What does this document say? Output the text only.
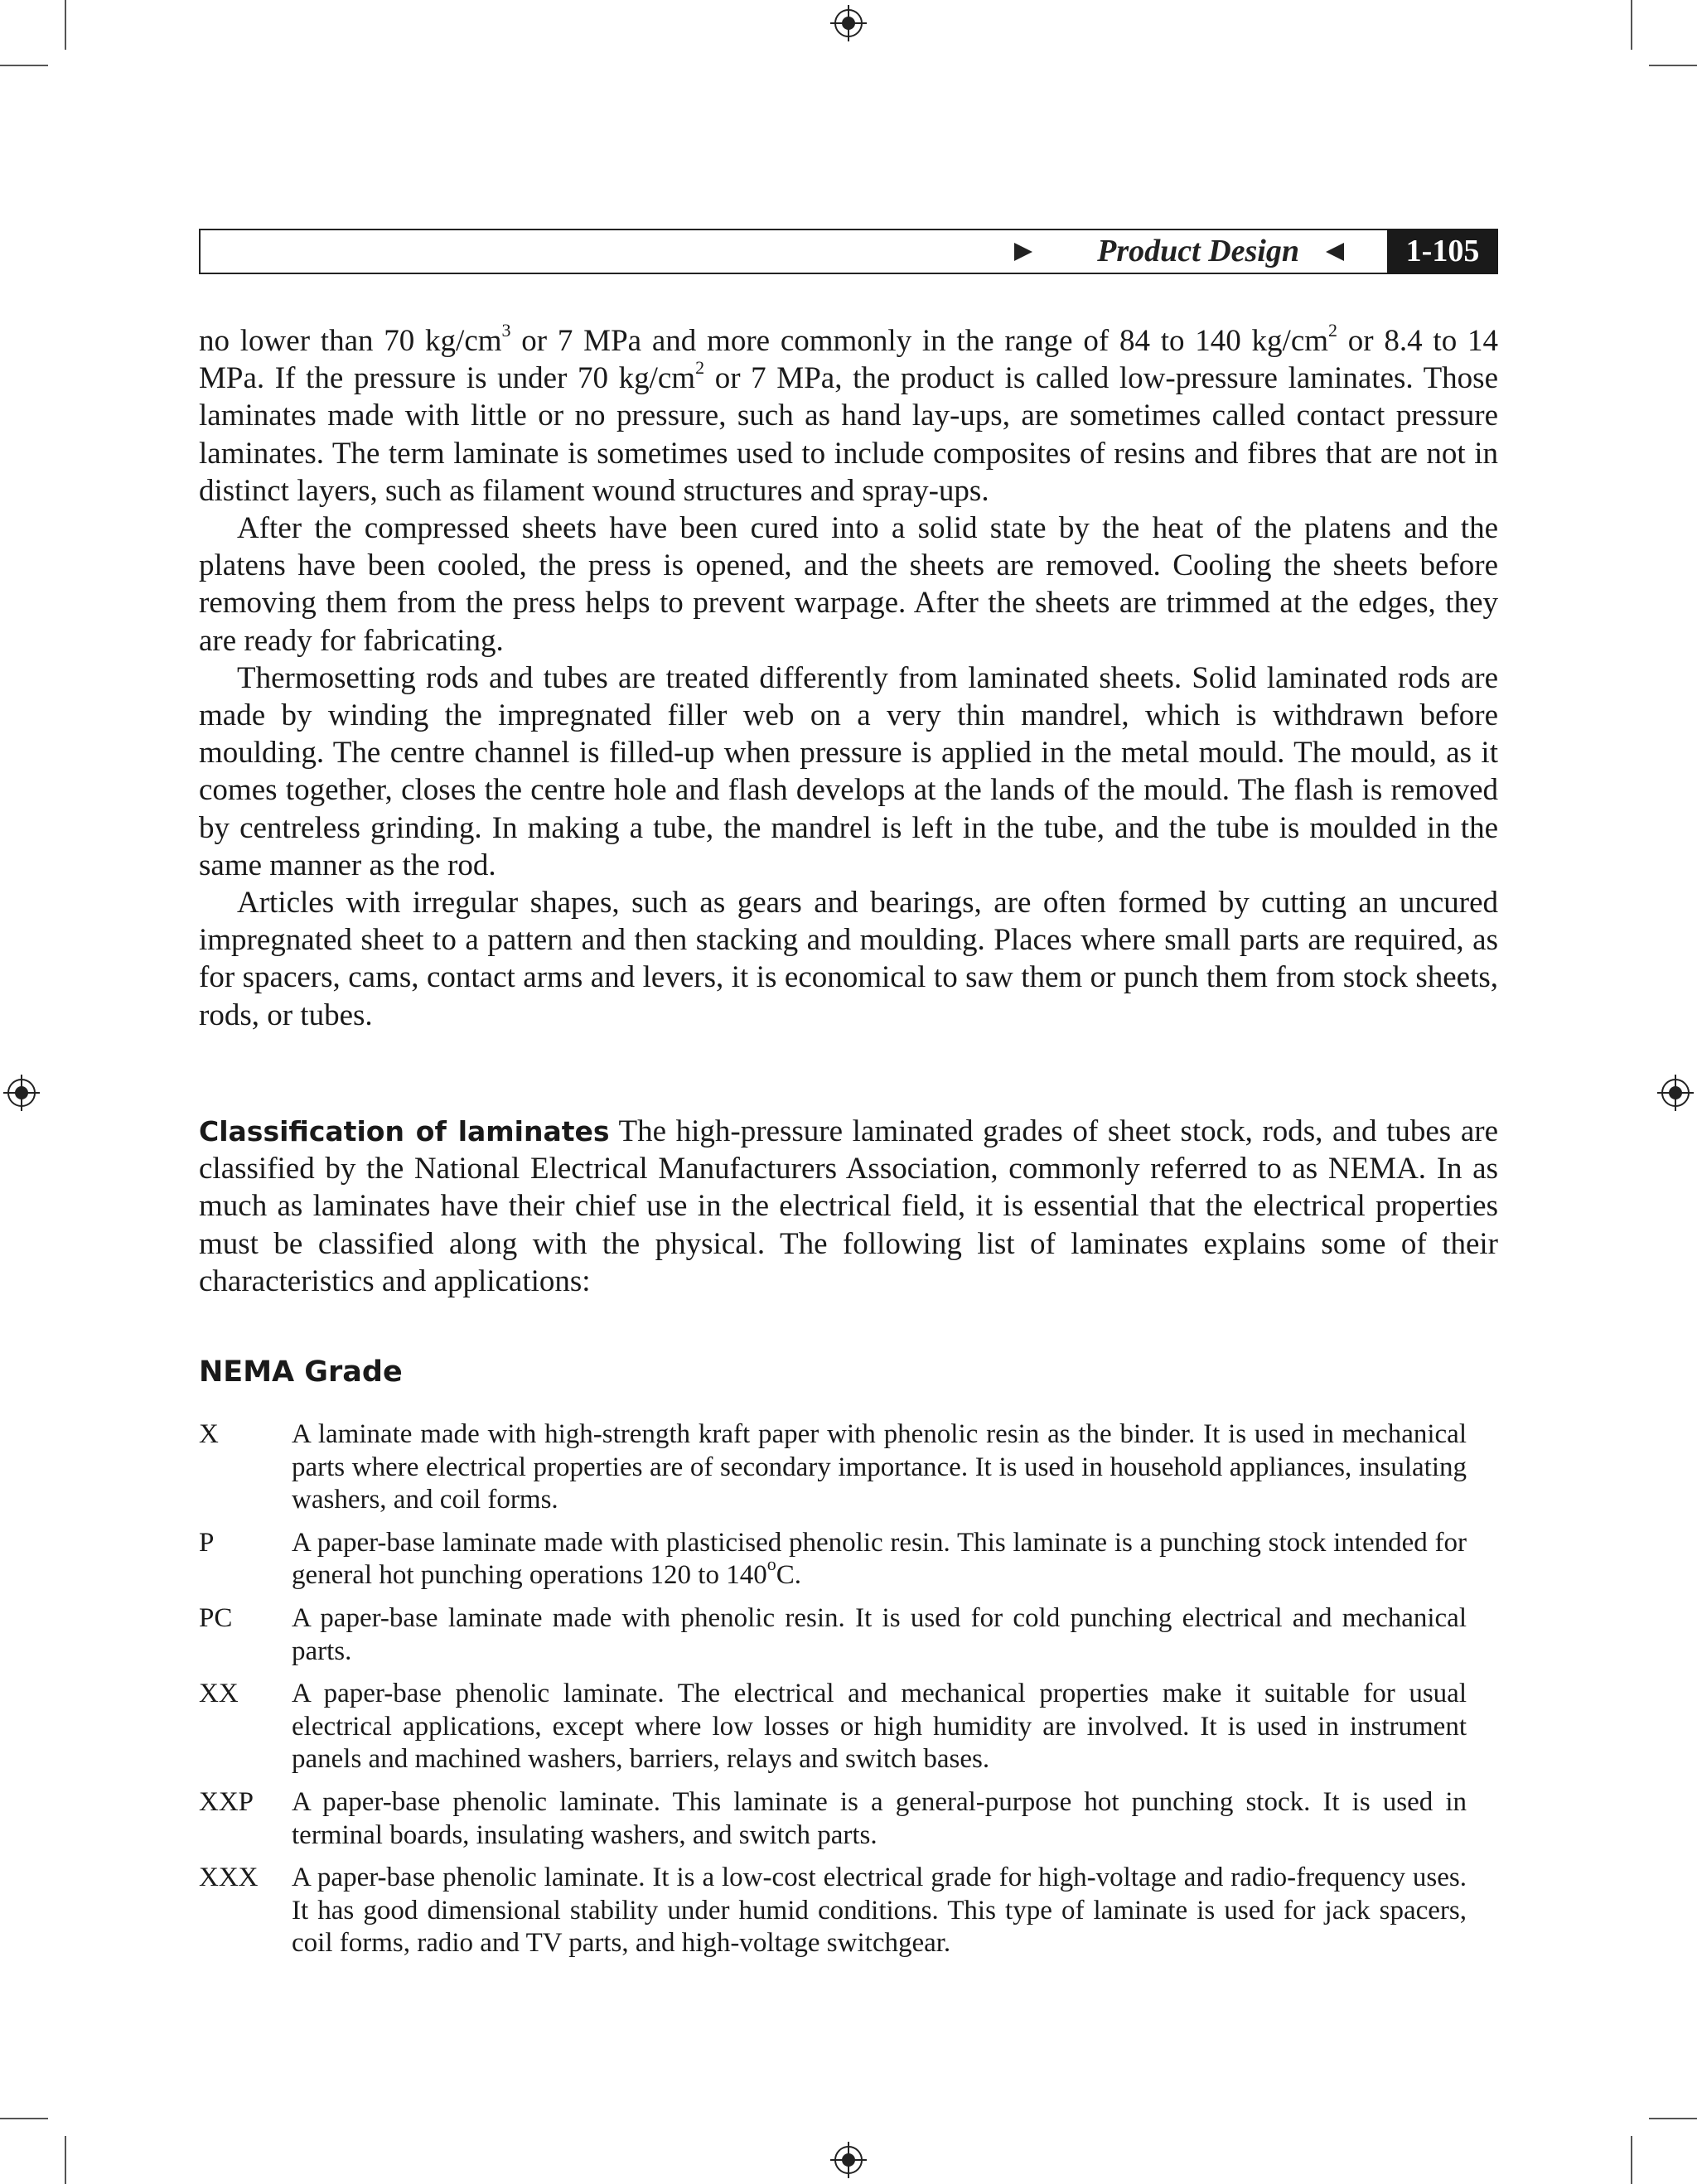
Product Design	1-105

no lower than 70 $kg/cm^3$ or 7 MPa and more commonly in the range of 84 to 140 $kg/cm^2$ or 8.4 to 14 MPa. If the pressure is under 70 $kg/cm^2$ or 7 MPa, the product is called low-pressure laminates. Those laminates made with little or no pressure, such as hand lay-ups, are sometimes called contact pressure laminates. The term laminate is sometimes used to include composites of resins and fibres that are not in distinct layers, such as filament wound structures and spray-ups.

After the compressed sheets have been cured into a solid state by the heat of the platens and the platens have been cooled, the press is opened, and the sheets are removed. Cooling the sheets before removing them from the press helps to prevent warpage. After the sheets are trimmed at the edges, they are ready for fabricating.

Thermosetting rods and tubes are treated differently from laminated sheets. Solid laminated rods are made by winding the impregnated filler web on a very thin mandrel, which is withdrawn before moulding. The centre channel is filled-up when pressure is applied in the metal mould. The mould, as it comes together, closes the centre hole and flash develops at the lands of the mould. The flash is removed by centreless grinding. In making a tube, the mandrel is left in the tube, and the tube is moulded in the same manner as the rod.

Articles with irregular shapes, such as gears and bearings, are often formed by cutting an uncured impregnated sheet to a pattern and then stacking and moulding. Places where small parts are required, as for spacers, cams, contact arms and levers, it is economical to saw them or punch them from stock sheets, rods, or tubes.

Classification of laminates The high-pressure laminated grades of sheet stock, rods, and tubes are classified by the National Electrical Manufacturers Association, commonly referred to as NEMA. In as much as laminates have their chief use in the electrical field, it is essential that the electrical properties must be classified along with the physical. The following list of laminates explains some of their characteristics and applications:

NEMA Grade
X	A laminate made with high-strength kraft paper with phenolic resin as the binder. It is used in mechanical parts where electrical properties are of secondary importance. It is used in household appliances, insulating washers, and coil forms.
P	A paper-base laminate made with plasticised phenolic resin. This laminate is a punching stock intended for general hot punching operations 120 to 140$^o$C.
PC	A paper-base laminate made with phenolic resin. It is used for cold punching electrical and mechanical parts.
XX	A paper-base phenolic laminate. The electrical and mechanical properties make it suitable for usual electrical applications, except where low losses or high humidity are involved. It is used in instrument panels and machined washers, barriers, relays and switch bases.
XXP	A paper-base phenolic laminate. This laminate is a general-purpose hot punching stock. It is used in terminal boards, insulating washers, and switch parts.
XXX	A paper-base phenolic laminate. It is a low-cost electrical grade for high-voltage and radio-frequency uses. It has good dimensional stability under humid conditions. This type of laminate is used for jack spacers, coil forms, radio and TV parts, and high-voltage switchgear.
